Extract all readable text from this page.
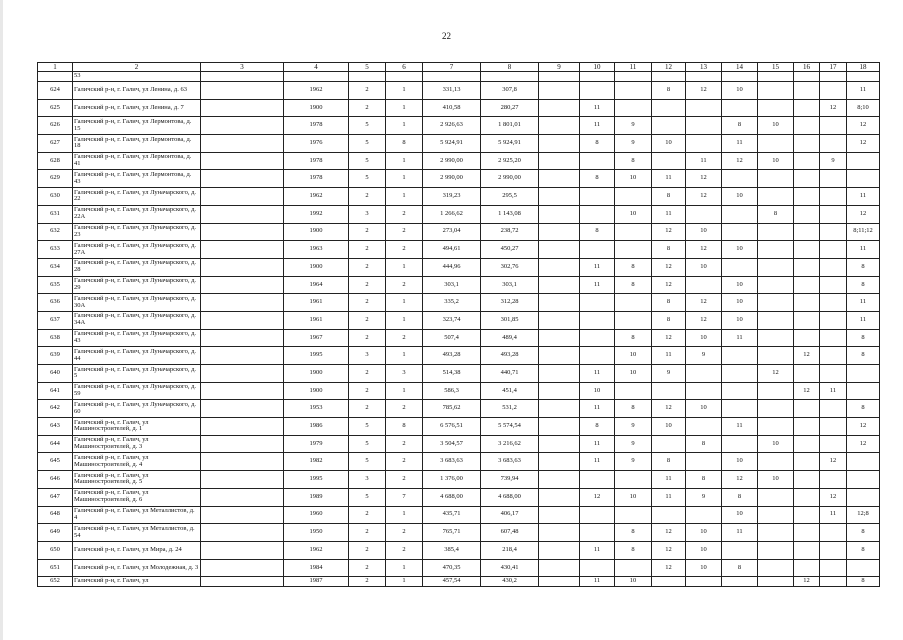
22
1	2	3	4	5	6	7	8	9	10	11	12	13	14	15	16	17	18
	53																
624	Галичский р-н, г. Галич, ул Ленина, д. 63		1962	2	1	331,13	307,8				8	12	10				11
625	Галичский р-н, г. Галич, ул Ленина, д. 7		1900	2	1	410,58	280,27		11							12	8;10
626	Галичский р-н, г. Галич, ул Лермонтова, д. 15		1978	5	1	2 926,63	1 801,01		11	9			8	10			12
627	Галичский р-н, г. Галич, ул Лермонтова, д. 18		1976	5	8	5 924,91	5 924,91		8	9	10		11				12
628	Галичский р-н, г. Галич, ул Лермонтова, д. 41		1978	5	1	2 990,00	2 925,20			8		11	12	10		9	
629	Галичский р-н, г. Галич, ул Лермонтова, д. 43		1978	5	1	2 990,00	2 990,00		8	10	11	12					
630	Галичский р-н, г. Галич, ул Луначарского, д. 22		1962	2	1	319,23	295,5				8	12	10				11
631	Галичский р-н, г. Галич, ул Луначарского, д. 22А		1992	3	2	1 266,62	1 143,08			10	11			8			12
632	Галичский р-н, г. Галич, ул Луначарского, д. 23		1900	2	2	273,04	238,72		8		12	10					8;11;12
633	Галичский р-н, г. Галич, ул Луначарского, д. 27А		1963	2	2	494,61	450,27				8	12	10				11
634	Галичский р-н, г. Галич, ул Луначарского, д. 28		1900	2	1	444,96	302,76		11	8	12	10					8
635	Галичский р-н, г. Галич, ул Луначарского, д. 29		1964	2	2	303,1	303,1		11	8	12		10				8
636	Галичский р-н, г. Галич, ул Луначарского, д. 30А		1961	2	1	335,2	312,28				8	12	10				11
637	Галичский р-н, г. Галич, ул Луначарского, д. 34А		1961	2	1	323,74	301,85				8	12	10				11
638	Галичский р-н, г. Галич, ул Луначарского, д. 43		1967	2	2	507,4	489,4			8	12	10	11				8
639	Галичский р-н, г. Галич, ул Луначарского, д. 44		1995	3	1	493,28	493,28			10	11	9			12		8
640	Галичский р-н, г. Галич, ул Луначарского, д. 5		1900	2	3	514,38	440,71		11	10	9			12			
641	Галичский р-н, г. Галич, ул Луначарского, д. 59		1900	2	1	586,3	451,4		10						12	11	
642	Галичский р-н, г. Галич, ул Луначарского, д. 60		1953	2	2	785,62	531,2		11	8	12	10					8
643	Галичский р-н, г. Галич, ул Машиностроителей, д. 1		1986	5	8	6 576,51	5 574,54		8	9	10		11				12
644	Галичский р-н, г. Галич, ул Машиностроителей, д. 3		1979	5	2	3 504,57	3 216,62		11	9		8		10			12
645	Галичский р-н, г. Галич, ул Машиностроителей, д. 4		1982	5	2	3 683,63	3 683,63		11	9	8		10			12	
646	Галичский р-н, г. Галич, ул Машиностроителей, д. 5		1995	3	2	1 376,00	739,94				11	8	12	10			
647	Галичский р-н, г. Галич, ул Машиностроителей, д. 6		1989	5	7	4 688,00	4 688,00		12	10	11	9	8			12	
648	Галичский р-н, г. Галич, ул Металлистов, д. 4		1960	2	1	435,71	406,17						10			11	12;8
649	Галичский р-н, г. Галич, ул Металлистов, д. 54		1950	2	2	765,71	607,48			8	12	10	11				8
650	Галичский р-н, г. Галич, ул Мира, д. 24		1962	2	2	385,4	218,4		11	8	12	10					8
651	Галичский р-н, г. Галич, ул Молодежная, д. 3		1984	2	1	470,35	430,41				12	10	8				
652	Галичский р-н, г. Галич, ул		1987	2	1	457,54	430,2		11	10					12		8
